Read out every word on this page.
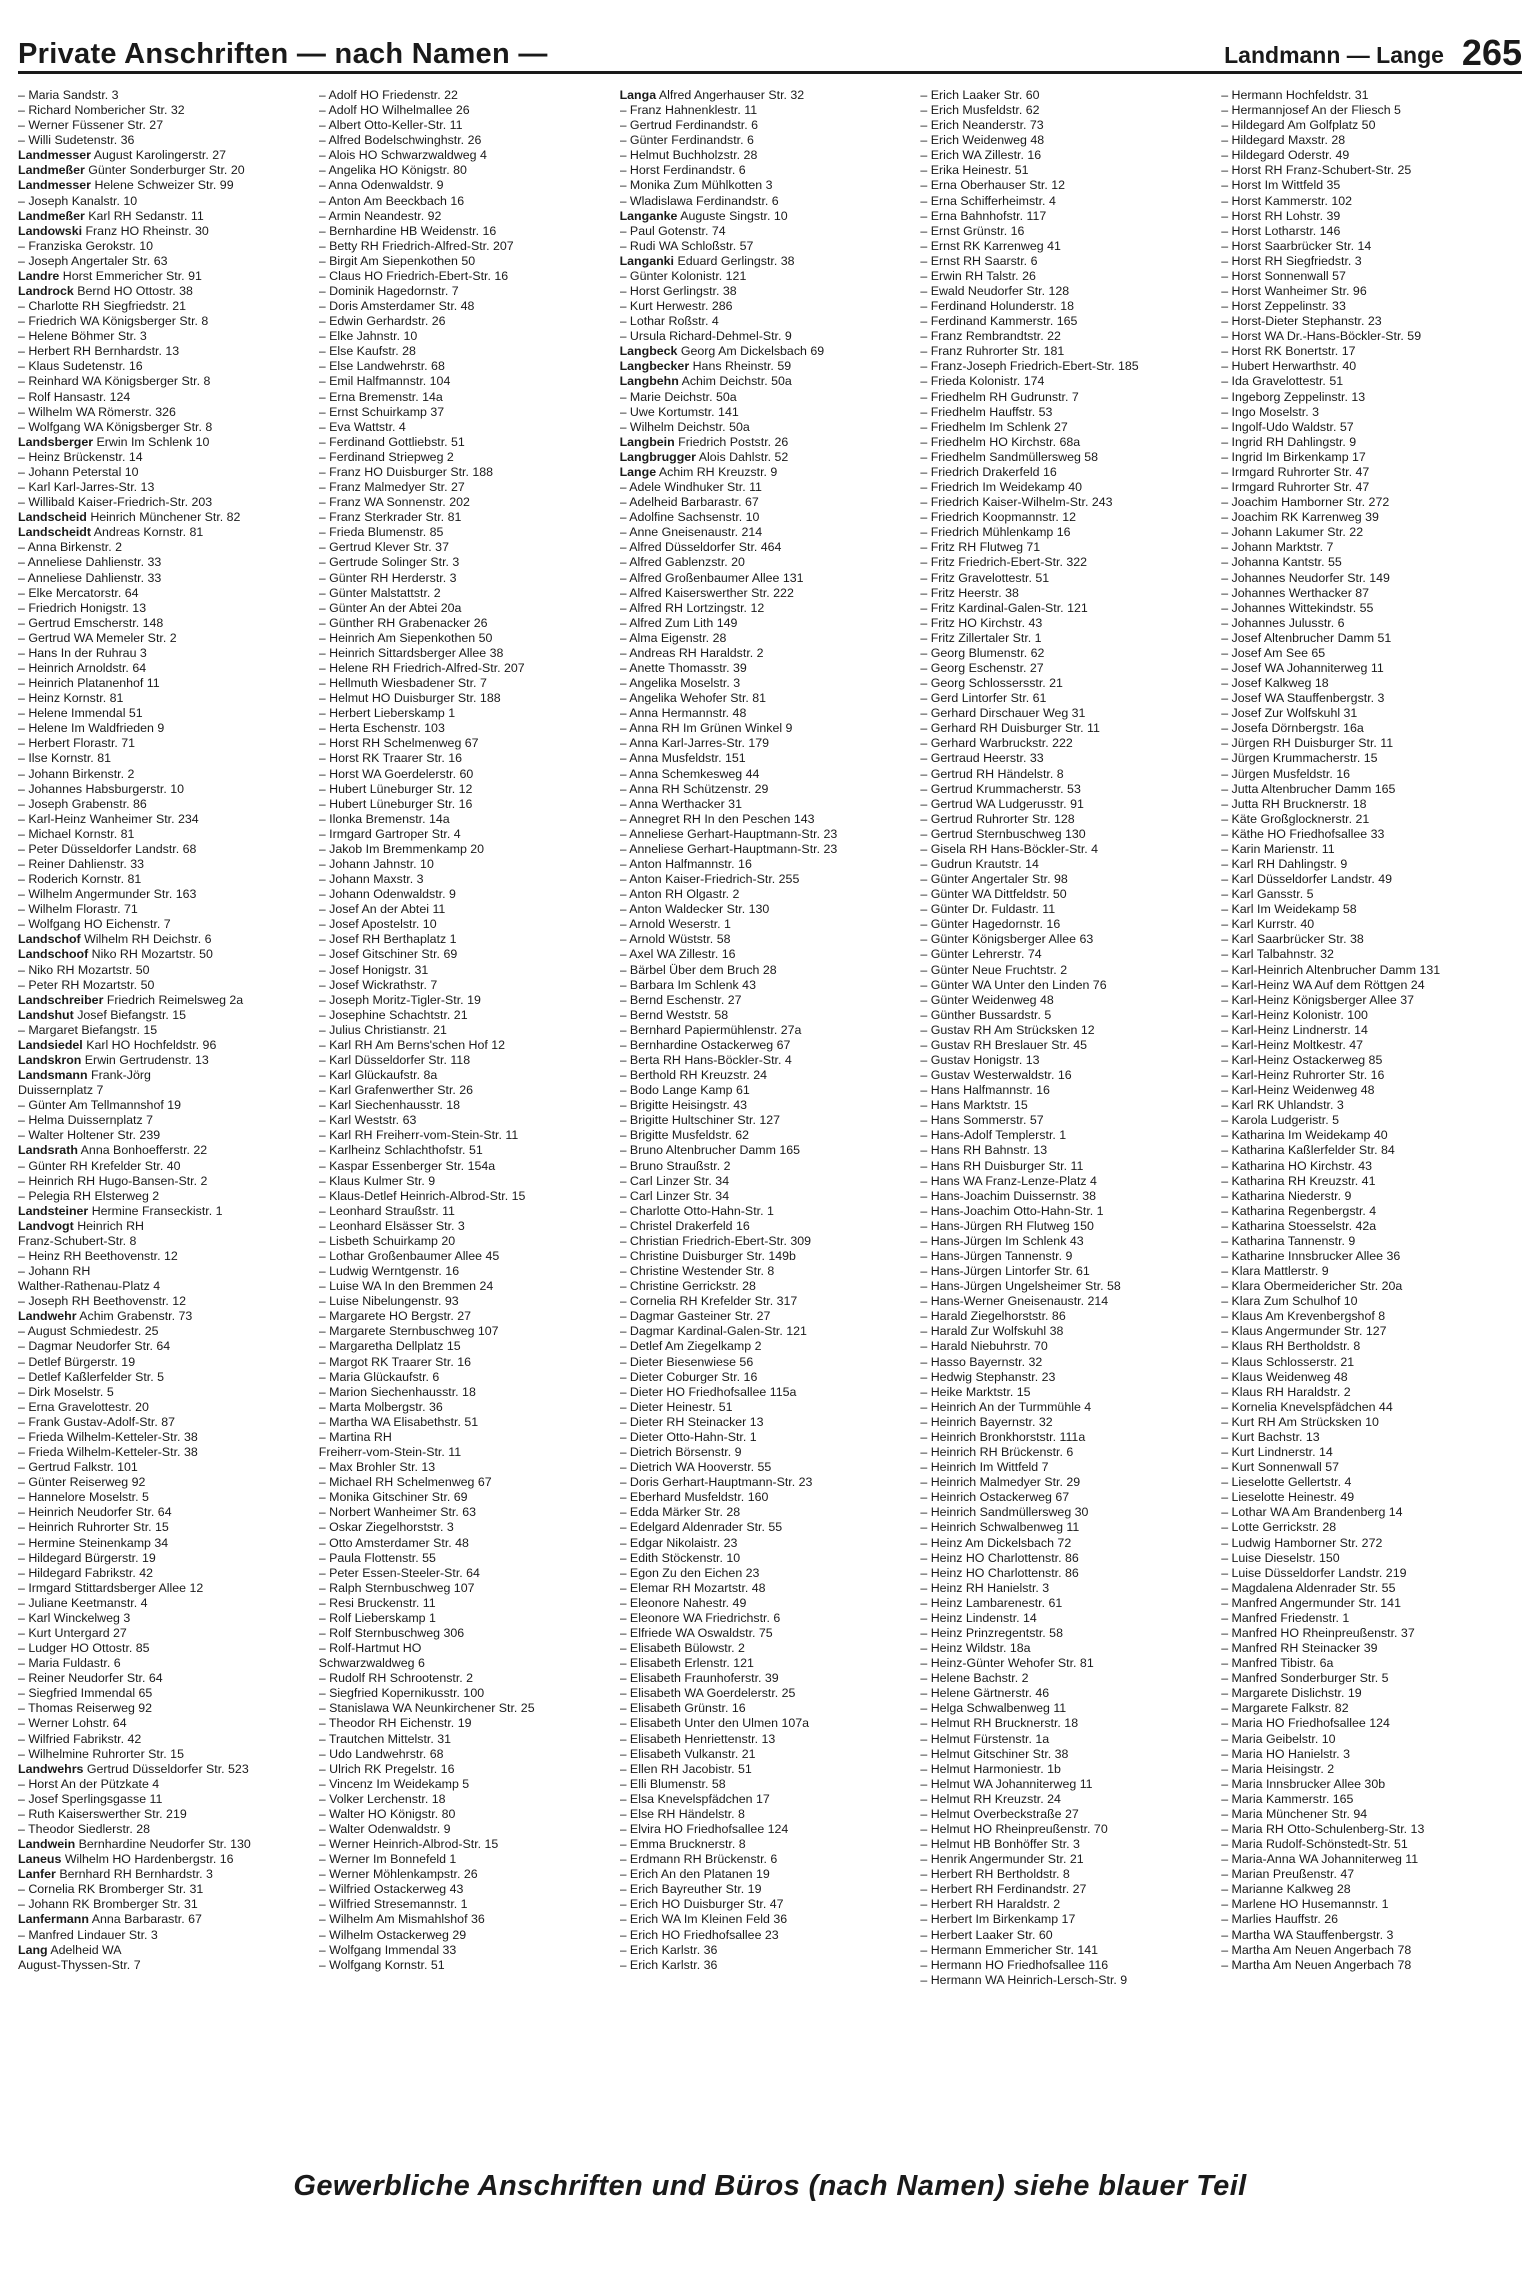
Private Anschriften — nach Namen —	Landmann — Lange 265
– Maria Sandstr. 3
– Richard Nombericher Str. 32
– Werner Füssener Str. 27
– Willi Sudetenstr. 36
Landmesser August Karolingerstr. 27
Landmeßer Günter Sonderburger Str. 20
Landmesser Helene Schweizer Str. 99
– Joseph Kanalstr. 10
Landmeßer Karl RH Sedanstr. 11
Landowski Franz HO Rheinstr. 30
– Franziska Gerokstr. 10
– Joseph Angertaler Str. 63
Landre Horst Emmericher Str. 91
Landrock Bernd HO Ottostr. 38
– Charlotte RH Siegfriedstr. 21
– Friedrich WA Königsberger Str. 8
– Helene Böhmer Str. 3
– Herbert RH Bernhardstr. 13
– Klaus Sudetenstr. 16
– Reinhard WA Königsberger Str. 8
– Rolf Hansastr. 124
– Wilhelm WA Römerstr. 326
– Wolfgang WA Königsberger Str. 8
Landsberger Erwin Im Schlenk 10
– Heinz Brückenstr. 14
– Johann Peterstal 10
– Karl Karl-Jarres-Str. 13
– Willibald Kaiser-Friedrich-Str. 203
Landscheid Heinrich Münchener Str. 82
Landscheidt Andreas Kornstr. 81
– Anna Birkenstr. 2
– Anneliese Dahlienstr. 33
– Anneliese Dahlienstr. 33
– Elke Mercatorstr. 64
– Friedrich Honigstr. 13
– Gertrud Emscherstr. 148
– Gertrud WA Memeler Str. 2
– Hans In der Ruhrau 3
– Heinrich Arnoldstr. 64
– Heinrich Platanenhof 11
– Heinz Kornstr. 81
– Helene Immendal 51
– Helene Im Waldfrieden 9
– Herbert Florastr. 71
– Ilse Kornstr. 81
– Johann Birkenstr. 2
– Johannes Habsburgerstr. 10
– Joseph Grabenstr. 86
– Karl-Heinz Wanheimer Str. 234
– Michael Kornstr. 81
– Peter Düsseldorfer Landstr. 68
– Reiner Dahlienstr. 33
– Roderich Kornstr. 81
– Wilhelm Angermunder Str. 163
– Wilhelm Florastr. 71
– Wolfgang HO Eichenstr. 7
Landschof Wilhelm RH Deichstr. 6
Landschoof Niko RH Mozartstr. 50
– Niko RH Mozartstr. 50
– Peter RH Mozartstr. 50
Landschreiber Friedrich Reimelsweg 2a
Landshut Josef Biefangstr. 15
– Margaret Biefangstr. 15
Landsiedel Karl HO Hochfeldstr. 96
Landskron Erwin Gertrudenstr. 13
Landsmann Frank-Jörg
Duissernplatz 7
– Günter Am Tellmannshof 19
– Helma Duissernplatz 7
– Walter Holtener Str. 239
Landsrath Anna Bonhoefferstr. 22
– Günter RH Krefelder Str. 40
– Heinrich RH Hugo-Bansen-Str. 2
– Pelegia RH Elsterweg 2
Landsteiner Hermine Franseckistr. 1
Landvogt Heinrich RH
Franz-Schubert-Str. 8
– Heinz RH Beethovenstr. 12
– Johann RH
Walther-Rathenau-Platz 4
– Joseph RH Beethovenstr. 12
Landwehr Achim Grabenstr. 73
– August Schmiedestr. 25
– Dagmar Neudorfer Str. 64
– Detlef Bürgerstr. 19
– Detlef Kaßlerfelder Str. 5
– Dirk Moselstr. 5
– Erna Gravelottestr. 20
– Frank Gustav-Adolf-Str. 87
– Frieda Wilhelm-Ketteler-Str. 38
– Frieda Wilhelm-Ketteler-Str. 38
– Gertrud Falkstr. 101
– Günter Reiserweg 92
– Hannelore Moselstr. 5
– Heinrich Neudorfer Str. 64
– Heinrich Ruhrorter Str. 15
– Hermine Steinenkamp 34
– Hildegard Bürgerstr. 19
– Hildegard Fabrikstr. 42
– Irmgard Stittardsberger Allee 12
– Juliane Keetmanstr. 4
– Karl Winckelweg 3
– Kurt Untergard 27
– Ludger HO Ottostr. 85
– Maria Fuldastr. 6
– Reiner Neudorfer Str. 64
– Siegfried Immendal 65
– Thomas Reiserweg 92
– Werner Lohstr. 64
– Wilfried Fabrikstr. 42
– Wilhelmine Ruhrorter Str. 15
Landwehrs Gertrud Düsseldorfer Str. 523
– Horst An der Pützkate 4
– Josef Sperlingsgasse 11
– Ruth Kaiserswerther Str. 219
– Theodor Siedlerstr. 28
Landwein Bernhardine Neudorfer Str. 130
Laneus Wilhelm HO Hardenbergstr. 16
Lanfer Bernhard RH Bernhardstr. 3
– Cornelia RK Bromberger Str. 31
– Johann RK Bromberger Str. 31
Lanfermann Anna Barbarastr. 67
– Manfred Lindauer Str. 3
Lang Adelheid WA
August-Thyssen-Str. 7
– Adolf HO Friedenstr. 22
– Adolf HO Wilhelmallee 26
– Albert Otto-Keller-Str. 11
– Alfred Bodelschwinghstr. 26
– Alois HO Schwarzwaldweg 4
– Angelika HO Königstr. 80
– Anna Odenwaldstr. 9
– Anton Am Beeckbach 16
– Armin Neandestr. 92
– Bernhardine HB Weidenstr. 16
– Betty RH Friedrich-Alfred-Str. 207
– Birgit Am Siepenkothen 50
– Claus HO Friedrich-Ebert-Str. 16
– Dominik Hagedornstr. 7
– Doris Amsterdamer Str. 48
– Edwin Gerhardstr. 26
– Elke Jahnstr. 10
– Else Kaufstr. 28
– Else Landwehrstr. 68
– Emil Halfmannstr. 104
– Erna Bremenstr. 14a
– Ernst Schuirkamp 37
– Eva Wattstr. 4
– Ferdinand Gottliebstr. 51
– Ferdinand Striepweg 2
– Franz HO Duisburger Str. 188
– Franz Malmedyer Str. 27
– Franz WA Sonnenstr. 202
– Franz Sterkrader Str. 81
– Frieda Blumenstr. 85
– Gertrud Klever Str. 37
– Gertrude Solinger Str. 3
– Günter RH Herderstr. 3
– Günter Malstattstr. 2
– Günter An der Abtei 20a
– Günther RH Grabenacker 26
– Heinrich Am Siepenkothen 50
– Heinrich Sittardsberger Allee 38
– Helene RH Friedrich-Alfred-Str. 207
– Hellmuth Wiesbadener Str. 7
– Helmut HO Duisburger Str. 188
– Herbert Lieberskamp 1
– Herta Eschenstr. 103
– Horst RH Schelmenweg 67
– Horst RK Traarer Str. 16
– Horst WA Goerdelerstr. 60
– Hubert Lüneburger Str. 12
– Hubert Lüneburger Str. 16
– Ilonka Bremenstr. 14a
– Irmgard Gartroper Str. 4
– Jakob Im Bremmenkamp 20
– Johann Jahnstr. 10
– Johann Maxstr. 3
– Johann Odenwaldstr. 9
– Josef An der Abtei 11
– Josef Apostelstr. 10
– Josef RH Berthaplatz 1
– Josef Gitschiner Str. 69
– Josef Honigstr. 31
– Josef Wickrathstr. 7
– Joseph Moritz-Tigler-Str. 19
– Josephine Schachtstr. 21
– Julius Christianstr. 21
– Karl RH Am Berns'schen Hof 12
– Karl Düsseldorfer Str. 118
– Karl Glückaufstr. 8a
– Karl Grafenwerther Str. 26
– Karl Siechenhausstr. 18
– Karl Weststr. 63
– Karl RH Freiherr-vom-Stein-Str. 11
– Karlheinz Schlachthofstr. 51
– Kaspar Essenberger Str. 154a
– Klaus Kulmer Str. 9
– Klaus-Detlef Heinrich-Albrod-Str. 15
– Leonhard Straußstr. 11
– Leonhard Elsässer Str. 3
– Lisbeth Schuirkamp 20
– Lothar Großenbaumer Allee 45
– Ludwig Werntgenstr. 16
– Luise WA In den Bremmen 24
– Luise Nibelungenstr. 93
– Margarete HO Bergstr. 27
– Margarete Sternbuschweg 107
– Margaretha Dellplatz 15
– Margot RK Traarer Str. 16
– Maria Glückaufstr. 6
– Marion Siechenhausstr. 18
– Marta Molbergstr. 36
– Martha WA Elisabethstr. 51
– Martina RH
Freiherr-vom-Stein-Str. 11
– Max Brohler Str. 13
– Michael RH Schelmenweg 67
– Monika Gitschiner Str. 69
– Norbert Wanheimer Str. 63
– Oskar Ziegelhorststr. 3
– Otto Amsterdamer Str. 48
– Paula Flottenstr. 55
– Peter Essen-Steeler-Str. 64
– Ralph Sternbuschweg 107
– Resi Bruckenstr. 11
– Rolf Lieberskamp 1
– Rolf Sternbuschweg 306
– Rolf-Hartmut HO
Schwarzwaldweg 6
– Rudolf RH Schrootenstr. 2
– Siegfried Kopernikusstr. 100
– Stanislawa WA Neunkirchener Str. 25
– Theodor RH Eichenstr. 19
– Trautchen Mittelstr. 31
– Udo Landwehrstr. 68
– Ulrich RK Pregelstr. 16
– Vincenz Im Weidekamp 5
– Volker Lerchenstr. 18
– Walter HO Königstr. 80
– Walter Odenwaldstr. 9
– Werner Heinrich-Albrod-Str. 15
– Werner Im Bonnefeld 1
– Werner Möhlenkampstr. 26
– Wilfried Ostackerweg 43
– Wilfried Stresemannstr. 1
– Wilhelm Am Mismahlshof 36
– Wilhelm Ostackerweg 29
– Wolfgang Immendal 33
– Wolfgang Kornstr. 51
Langa Alfred Angerhauser Str. 32
– Franz Hahnenklestr. 11
– Gertrud Ferdinandstr. 6
– Günter Ferdinandstr. 6
– Helmut Buchholzstr. 28
– Horst Ferdinandstr. 6
– Monika Zum Mühlkotten 3
– Wladislawa Ferdinandstr. 6
Langanke Auguste Singstr. 10
– Paul Gotenstr. 74
– Rudi WA Schloßstr. 57
Langanki Eduard Gerlingstr. 38
– Günter Kolonistr. 121
– Horst Gerlingstr. 38
– Kurt Herwestr. 286
– Lothar Roßstr. 4
– Ursula Richard-Dehmel-Str. 9
Langbeck Georg Am Dickelsbach 69
Langbecker Hans Rheinstr. 59
Langbehn Achim Deichstr. 50a
– Marie Deichstr. 50a
– Uwe Kortumstr. 141
– Wilhelm Deichstr. 50a
Langbein Friedrich Poststr. 26
Langbrugger Alois Dahlstr. 52
Lange Achim RH Kreuzstr. 9
– Adele Windhuker Str. 11
– Adelheid Barbarastr. 67
– Adolfine Sachsenstr. 10
– Anne Gneisenaustr. 214
– Alfred Düsseldorfer Str. 464
– Alfred Gablenzstr. 20
– Alfred Großenbaumer Allee 131
– Alfred Kaiserswerther Str. 222
– Alfred RH Lortzingstr. 12
– Alfred Zum Lith 149
– Alma Eigenstr. 28
– Andreas RH Haraldstr. 2
– Anette Thomasstr. 39
– Angelika Moselstr. 3
– Angelika Wehofer Str. 81
– Anna Hermannstr. 48
– Anna RH Im Grünen Winkel 9
– Anna Karl-Jarres-Str. 179
– Anna Musfeldstr. 151
– Anna Schemkesweg 44
– Anna RH Schützenstr. 29
– Anna Werthacker 31
– Annegret RH In den Peschen 143
– Anneliese Gerhart-Hauptmann-Str. 23
– Anneliese Gerhart-Hauptmann-Str. 23
– Anton Halfmannstr. 16
– Anton Kaiser-Friedrich-Str. 255
– Anton RH Olgastr. 2
– Anton Waldecker Str. 130
– Arnold Weserstr. 1
– Arnold Wüststr. 58
– Axel WA Zillestr. 16
– Bärbel Über dem Bruch 28
– Barbara Im Schlenk 43
– Bernd Eschenstr. 27
– Bernd Weststr. 58
– Bernhard Papiermühlenstr. 27a
– Bernhardine Ostackerweg 67
– Berta RH Hans-Böckler-Str. 4
– Berthold RH Kreuzstr. 24
– Bodo Lange Kamp 61
– Brigitte Heisingstr. 43
– Brigitte Hultschiner Str. 127
– Brigitte Musfeldstr. 62
– Bruno Altenbrucher Damm 165
– Bruno Straußstr. 2
– Carl Linzer Str. 34
– Carl Linzer Str. 34
– Charlotte Otto-Hahn-Str. 1
– Christel Drakerfeld 16
– Christian Friedrich-Ebert-Str. 309
– Christine Duisburger Str. 149b
– Christine Westender Str. 8
– Christine Gerrickstr. 28
– Cornelia RH Krefelder Str. 317
– Dagmar Gasteiner Str. 27
– Dagmar Kardinal-Galen-Str. 121
– Detlef Am Ziegelkamp 2
– Dieter Biesenwiese 56
– Dieter Coburger Str. 16
– Dieter HO Friedhofsallee 115a
– Dieter Heinestr. 51
– Dieter RH Steinacker 13
– Dieter Otto-Hahn-Str. 1
– Dietrich Börsenstr. 9
– Dietrich WA Hooverstr. 55
– Doris Gerhart-Hauptmann-Str. 23
– Eberhard Musfeldstr. 160
– Edda Märker Str. 28
– Edelgard Aldenrader Str. 55
– Edgar Nikolaistr. 23
– Edith Stöckenstr. 10
– Egon Zu den Eichen 23
– Elemar RH Mozartstr. 48
– Eleonore Nahestr. 49
– Eleonore WA Friedrichstr. 6
– Elfriede WA Oswaldstr. 75
– Elisabeth Bülowstr. 2
– Elisabeth Erlenstr. 121
– Elisabeth Fraunhoferstr. 39
– Elisabeth WA Goerdelerstr. 25
– Elisabeth Grünstr. 16
– Elisabeth Unter den Ulmen 107a
– Elisabeth Henriettenstr. 13
– Elisabeth Vulkanstr. 21
– Ellen RH Jacobistr. 51
– Elli Blumenstr. 58
– Elsa Knevelspfädchen 17
– Else RH Händelstr. 8
– Elvira HO Friedhofsallee 124
– Emma Brucknerstr. 8
– Erdmann RH Brückenstr. 6
– Erich An den Platanen 19
– Erich Bayreuther Str. 19
– Erich HO Duisburger Str. 47
– Erich WA Im Kleinen Feld 36
– Erich HO Friedhofsallee 23
– Erich Karlstr. 36
– Erich Karlstr. 36
– Erich Laaker Str. 60
– Erich Musfeldstr. 62
– Erich Neanderstr. 73
– Erich Weidenweg 48
– Erich WA Zillestr. 16
– Erika Heinestr. 51
– Erna Oberhauser Str. 12
– Erna Schifferheimstr. 4
– Erna Bahnhofstr. 117
– Ernst Grünstr. 16
– Ernst RK Karrenweg 41
– Ernst RH Saarstr. 6
– Erwin RH Talstr. 26
– Ewald Neudorfer Str. 128
– Ferdinand Holunderstr. 18
– Ferdinand Kammerstr. 165
– Franz Rembrandtstr. 22
– Franz Ruhrorter Str. 181
– Franz-Joseph Friedrich-Ebert-Str. 185
– Frieda Kolonistr. 174
– Friedhelm RH Gudrunstr. 7
– Friedhelm Hauffstr. 53
– Friedhelm Im Schlenk 27
– Friedhelm HO Kirchstr. 68a
– Friedhelm Sandmüllersweg 58
– Friedrich Drakerfeld 16
– Friedrich Im Weidekamp 40
– Friedrich Kaiser-Wilhelm-Str. 243
– Friedrich Koopmannstr. 12
– Friedrich Mühlenkamp 16
– Fritz RH Flutweg 71
– Fritz Friedrich-Ebert-Str. 322
– Fritz Gravelottestr. 51
– Fritz Heerstr. 38
– Fritz Kardinal-Galen-Str. 121
– Fritz HO Kirchstr. 43
– Fritz Zillertaler Str. 1
– Georg Blumenstr. 62
– Georg Eschenstr. 27
– Georg Schlossersstr. 21
– Gerd Lintorfer Str. 61
– Gerhard Dirschauer Weg 31
– Gerhard RH Duisburger Str. 11
– Gerhard Warbruckstr. 222
– Gertraud Heerstr. 33
– Gertrud RH Händelstr. 8
– Gertrud Krummacherstr. 53
– Gertrud WA Ludgerusstr. 91
– Gertrud Ruhrorter Str. 128
– Gertrud Sternbuschweg 130
– Gisela RH Hans-Böckler-Str. 4
– Gudrun Krautstr. 14
– Günter Angertaler Str. 98
– Günter WA Dittfeldstr. 50
– Günter Dr. Fuldastr. 11
– Günter Hagedornstr. 16
– Günter Königsberger Allee 63
– Günter Lehrerstr. 74
– Günter Neue Fruchtstr. 2
– Günter WA Unter den Linden 76
– Günter Weidenweg 48
– Günther Bussardstr. 5
– Gustav RH Am Strücksken 12
– Gustav RH Breslauer Str. 45
– Gustav Honigstr. 13
– Gustav Westerwaldstr. 16
– Hans Halfmannstr. 16
– Hans Marktstr. 15
– Hans Sommerstr. 57
– Hans-Adolf Templerstr. 1
– Hans RH Bahnstr. 13
– Hans RH Duisburger Str. 11
– Hans WA Franz-Lenze-Platz 4
– Hans-Joachim Duissernstr. 38
– Hans-Joachim Otto-Hahn-Str. 1
– Hans-Jürgen RH Flutweg 150
– Hans-Jürgen Im Schlenk 43
– Hans-Jürgen Tannenstr. 9
– Hans-Jürgen Lintorfer Str. 61
– Hans-Jürgen Ungelsheimer Str. 58
– Hans-Werner Gneisenaustr. 214
– Harald Ziegelhorststr. 86
– Harald Zur Wolfskuhl 38
– Harald Niebuhrstr. 70
– Hasso Bayernstr. 32
– Hedwig Stephanstr. 23
– Heike Marktstr. 15
– Heinrich An der Turmmühle 4
– Heinrich Bayernstr. 32
– Heinrich Bronkhorststr. 111a
– Heinrich RH Brückenstr. 6
– Heinrich Im Wittfeld 7
– Heinrich Malmedyer Str. 29
– Heinrich Ostackerweg 67
– Heinrich Sandmüllersweg 30
– Heinrich Schwalbenweg 11
– Heinz Am Dickelsbach 72
– Heinz HO Charlottenstr. 86
– Heinz HO Charlottenstr. 86
– Heinz RH Hanielstr. 3
– Heinz Lambarenestr. 61
– Heinz Lindenstr. 14
– Heinz Prinzregentstr. 58
– Heinz Wildstr. 18a
– Heinz-Günter Wehofer Str. 81
– Helene Bachstr. 2
– Helene Gärtnerstr. 46
– Helga Schwalbenweg 11
– Helmut RH Brucknerstr. 18
– Helmut Fürstenstr. 1a
– Helmut Gitschiner Str. 38
– Helmut Harmoniestr. 1b
– Helmut WA Johanniterweg 11
– Helmut RH Kreuzstr. 24
– Helmut Overbeckstraße 27
– Helmut HO Rheinpreußenstr. 70
– Helmut HB Bonhöffer Str. 3
– Henrik Angermunder Str. 21
– Herbert RH Bertholdstr. 8
– Herbert RH Ferdinandstr. 27
– Herbert RH Haraldstr. 2
– Herbert Im Birkenkamp 17
– Herbert Laaker Str. 60
– Hermann Emmericher Str. 141
– Hermann HO Friedhofsallee 116
– Hermann WA Heinrich-Lersch-Str. 9
– Hermann Hochfeldstr. 31
– Hermannjosef An der Fliesch 5
– Hildegard Am Golfplatz 50
– Hildegard Maxstr. 28
– Hildegard Oderstr. 49
– Horst RH Franz-Schubert-Str. 25
– Horst Im Wittfeld 35
– Horst Kammerstr. 102
– Horst RH Lohstr. 39
– Horst Lotharstr. 146
– Horst Saarbrücker Str. 14
– Horst RH Siegfriedstr. 3
– Horst Sonnenwall 57
– Horst Wanheimer Str. 96
– Horst Zeppelinstr. 33
– Horst-Dieter Stephanstr. 23
– Horst WA Dr.-Hans-Böckler-Str. 59
– Horst RK Bonertstr. 17
– Hubert Herwarthstr. 40
– Ida Gravelottestr. 51
– Ingeborg Zeppelinstr. 13
– Ingo Moselstr. 3
– Ingolf-Udo Waldstr. 57
– Ingrid RH Dahlingstr. 9
– Ingrid Im Birkenkamp 17
– Irmgard Ruhrorter Str. 47
– Irmgard Ruhrorter Str. 47
– Joachim Hamborner Str. 272
– Joachim RK Karrenweg 39
– Johann Lakumer Str. 22
– Johann Marktstr. 7
– Johanna Kantstr. 55
– Johannes Neudorfer Str. 149
– Johannes Werthacker 87
– Johannes Wittekindstr. 55
– Johannes Julusstr. 6
– Josef Altenbrucher Damm 51
– Josef Am See 65
– Josef WA Johanniterweg 11
– Josef Kalkweg 18
– Josef WA Stauffenbergstr. 3
– Josef Zur Wolfskuhl 31
– Josefa Dörnbergstr. 16a
– Jürgen RH Duisburger Str. 11
– Jürgen Krummacherstr. 15
– Jürgen Musfeldstr. 16
– Jutta Altenbrucher Damm 165
– Jutta RH Brucknerstr. 18
– Käte Großglocknerstr. 21
– Käthe HO Friedhofsallee 33
– Karin Marienstr. 11
– Karl RH Dahlingstr. 9
– Karl Düsseldorfer Landstr. 49
– Karl Gansstr. 5
– Karl Im Weidekamp 58
– Karl Kurrstr. 40
– Karl Saarbrücker Str. 38
– Karl Talbahnstr. 32
– Karl-Heinrich Altenbrucher Damm 131
– Karl-Heinz WA Auf dem Röttgen 24
– Karl-Heinz Königsberger Allee 37
– Karl-Heinz Kolonistr. 100
– Karl-Heinz Lindnerstr. 14
– Karl-Heinz Moltkestr. 47
– Karl-Heinz Ostackerweg 85
– Karl-Heinz Ruhrorter Str. 16
– Karl-Heinz Weidenweg 48
– Karl RK Uhlandstr. 3
– Karola Ludgeristr. 5
– Katharina Im Weidekamp 40
– Katharina Kaßlerfelder Str. 84
– Katharina HO Kirchstr. 43
– Katharina RH Kreuzstr. 41
– Katharina Niederstr. 9
– Katharina Regenbergstr. 4
– Katharina Stoesselstr. 42a
– Katharina Tannenstr. 9
– Katharine Innsbrucker Allee 36
– Klara Mattlerstr. 9
– Klara Obermeidericher Str. 20a
– Klara Zum Schulhof 10
– Klaus Am Krevenbergshof 8
– Klaus Angermunder Str. 127
– Klaus RH Bertholdstr. 8
– Klaus Schlosserstr. 21
– Klaus Weidenweg 48
– Klaus RH Haraldstr. 2
– Kornelia Knevelspfädchen 44
– Kurt RH Am Strücksken 10
– Kurt Bachstr. 13
– Kurt Lindnerstr. 14
– Kurt Sonnenwall 57
– Lieselotte Gellertstr. 4
– Lieselotte Heinestr. 49
– Lothar WA Am Brandenberg 14
– Lotte Gerrickstr. 28
– Ludwig Hamborner Str. 272
– Luise Dieselstr. 150
– Luise Düsseldorfer Landstr. 219
– Magdalena Aldenrader Str. 55
– Manfred Angermunder Str. 141
– Manfred Friedenstr. 1
– Manfred HO Rheinpreußenstr. 37
– Manfred RH Steinacker 39
– Manfred Tibistr. 6a
– Manfred Sonderburger Str. 5
– Margarete Dislichstr. 19
– Margarete Falkstr. 82
– Maria HO Friedhofsallee 124
– Maria Geibelstr. 10
– Maria HO Hanielstr. 3
– Maria Heisingstr. 2
– Maria Innsbrucker Allee 30b
– Maria Kammerstr. 165
– Maria Münchener Str. 94
– Maria RH Otto-Schulenberg-Str. 13
– Maria Rudolf-Schönstedt-Str. 51
– Maria-Anna WA Johanniterweg 11
– Marian Preußenstr. 47
– Marianne Kalkweg 28
– Marlene HO Husemannstr. 1
– Marlies Hauffstr. 26
– Martha WA Stauffenbergstr. 3
– Martha Am Neuen Angerbach 78
– Martha Am Neuen Angerbach 78
Gewerbliche Anschriften und Büros (nach Namen) siehe blauer Teil
